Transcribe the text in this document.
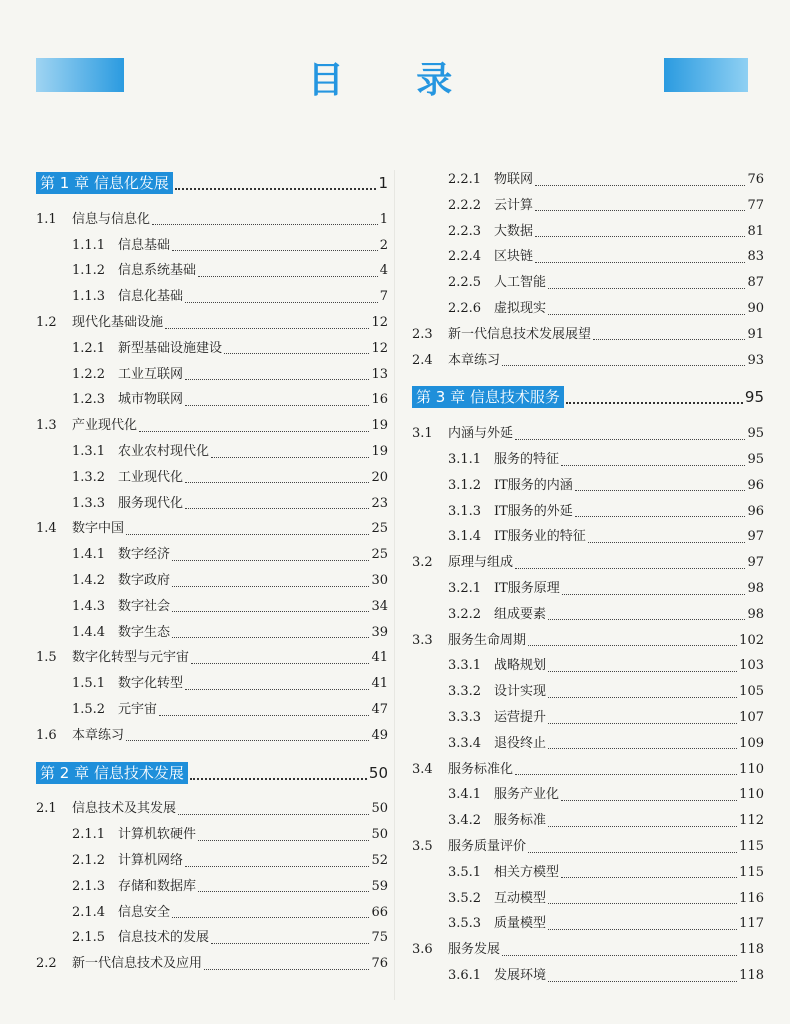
目 录
第 1 章 信息化发展	1
1.1	信息与信息化	1
1.1.1 信息基础	2
1.1.2 信息系统基础	4
1.1.3 信息化基础	7
1.2	现代化基础设施	12
1.2.1 新型基础设施建设	12
1.2.2 工业互联网	13
1.2.3 城市物联网	16
1.3	产业现代化	19
1.3.1 农业农村现代化	19
1.3.2 工业现代化	20
1.3.3 服务现代化	23
1.4	数字中国	25
1.4.1 数字经济	25
1.4.2 数字政府	30
1.4.3 数字社会	34
1.4.4 数字生态	39
1.5	数字化转型与元宇宙	41
1.5.1 数字化转型	41
1.5.2 元宇宙	47
1.6	本章练习	49
第 2 章 信息技术发展	50
2.1	信息技术及其发展	50
2.1.1 计算机软硬件	50
2.1.2 计算机网络	52
2.1.3 存储和数据库	59
2.1.4 信息安全	66
2.1.5 信息技术的发展	75
2.2	新一代信息技术及应用	76
2.2.1 物联网	76
2.2.2 云计算	77
2.2.3 大数据	81
2.2.4 区块链	83
2.2.5 人工智能	87
2.2.6 虚拟现实	90
2.3	新一代信息技术发展展望	91
2.4	本章练习	93
第 3 章 信息技术服务	95
3.1	内涵与外延	95
3.1.1 服务的特征	95
3.1.2 IT服务的内涵	96
3.1.3 IT服务的外延	96
3.1.4 IT服务业的特征	97
3.2	原理与组成	97
3.2.1 IT服务原理	98
3.2.2 组成要素	98
3.3	服务生命周期	102
3.3.1 战略规划	103
3.3.2 设计实现	105
3.3.3 运营提升	107
3.3.4 退役终止	109
3.4	服务标准化	110
3.4.1 服务产业化	110
3.4.2 服务标准	112
3.5	服务质量评价	115
3.5.1 相关方模型	115
3.5.2 互动模型	116
3.5.3 质量模型	117
3.6	服务发展	118
3.6.1 发展环境	118
